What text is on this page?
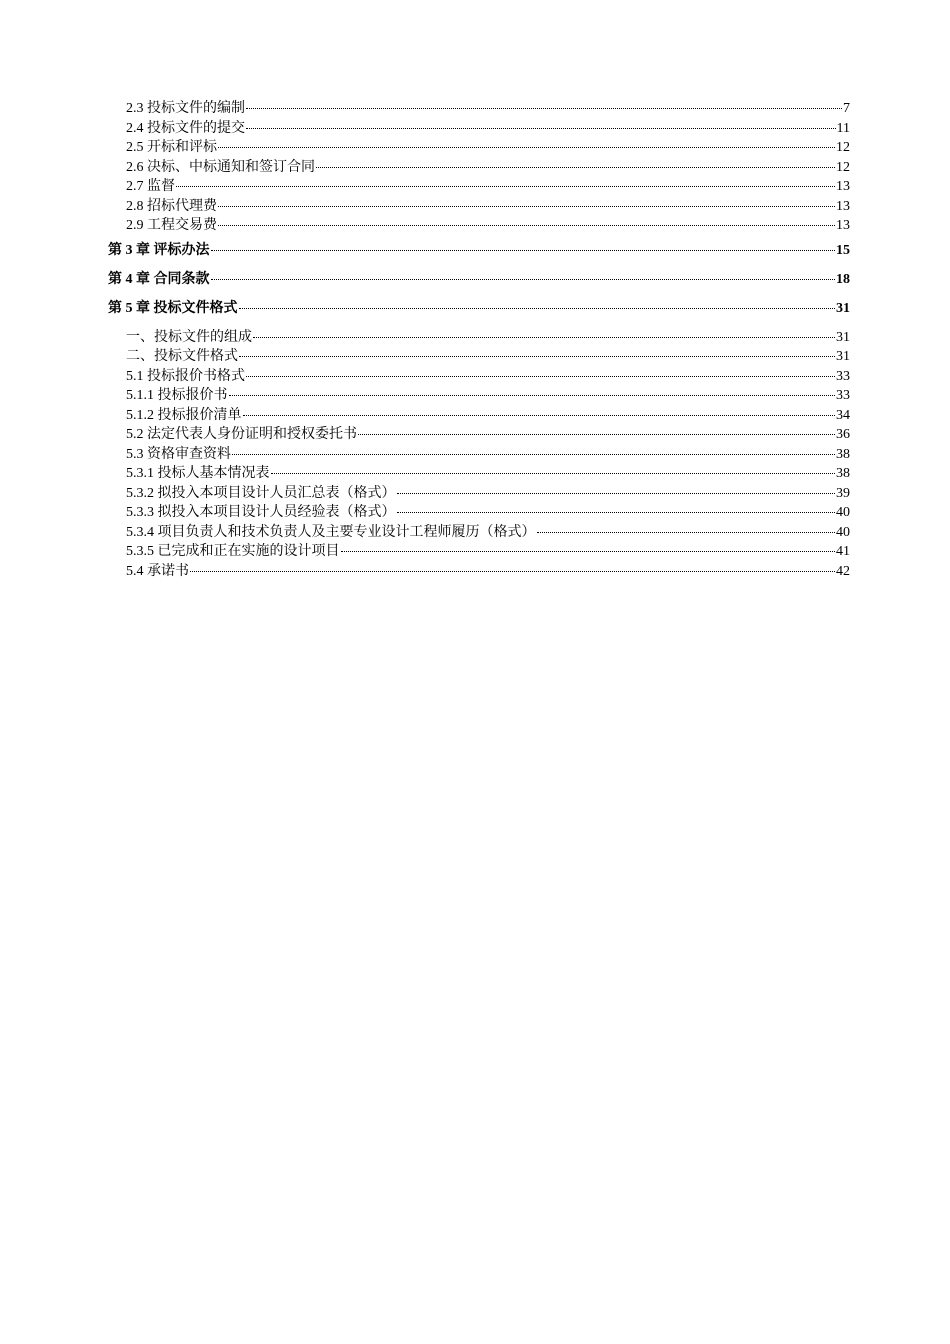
2.3 投标文件的编制	7
2.4 投标文件的提交	11
2.5 开标和评标	12
2.6 决标、中标通知和签订合同	12
2.7 监督	13
2.8 招标代理费	13
2.9 工程交易费	13
第 3 章 评标办法	15
第 4 章 合同条款	18
第 5 章 投标文件格式	31
一、投标文件的组成	31
二、投标文件格式	31
5.1 投标报价书格式	33
5.1.1 投标报价书	33
5.1.2 投标报价清单	34
5.2 法定代表人身份证明和授权委托书	36
5.3 资格审查资料	38
5.3.1 投标人基本情况表	38
5.3.2 拟投入本项目设计人员汇总表（格式）	39
5.3.3 拟投入本项目设计人员经验表（格式）	40
5.3.4 项目负责人和技术负责人及主要专业设计工程师履历（格式）	40
5.3.5 已完成和正在实施的设计项目	41
5.4 承诺书	42
